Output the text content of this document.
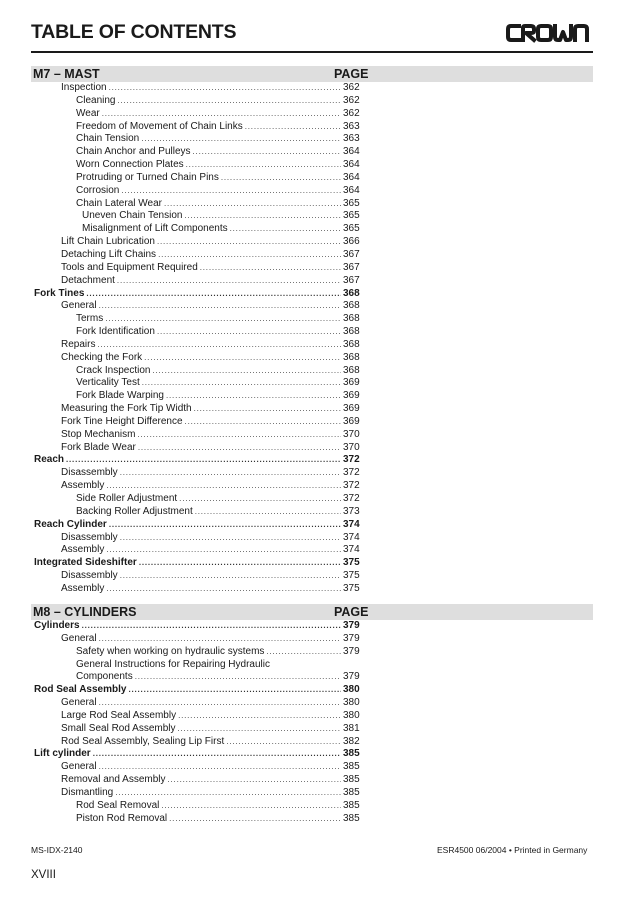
TABLE OF CONTENTS
M7 – MAST	PAGE
Inspection .....	362
Cleaning .....	362
Wear .....	362
Freedom of Movement of Chain Links .....	363
Chain Tension .....	363
Chain Anchor and Pulleys .....	364
Worn Connection Plates .....	364
Protruding or Turned Chain Pins .....	364
Corrosion .....	364
Chain Lateral Wear .....	365
Uneven Chain Tension .....	365
Misalignment of Lift Components .....	365
Lift Chain Lubrication .....	366
Detaching Lift Chains .....	367
Tools and Equipment Required .....	367
Detachment .....	367
Fork Tines .....	368
General .....	368
Terms .....	368
Fork Identification .....	368
Repairs .....	368
Checking the Fork .....	368
Crack Inspection .....	368
Verticality Test .....	369
Fork Blade Warping .....	369
Measuring the Fork Tip Width .....	369
Fork Tine Height Difference .....	369
Stop Mechanism .....	370
Fork Blade Wear .....	370
Reach .....	372
Disassembly .....	372
Assembly .....	372
Side Roller Adjustment .....	372
Backing Roller Adjustment .....	373
Reach Cylinder .....	374
Disassembly .....	374
Assembly .....	374
Integrated Sideshifter .....	375
Disassembly .....	375
Assembly .....	375
M8 – CYLINDERS	PAGE
Cylinders .....	379
General .....	379
Safety when working on hydraulic systems .....	379
General Instructions for Repairing Hydraulic
Components .....	379
Rod Seal Assembly .....	380
General .....	380
Large Rod Seal Assembly .....	380
Small Seal Rod Assembly .....	381
Rod Seal Assembly, Sealing Lip First .....	382
Lift cylinder .....	385
General .....	385
Removal and Assembly .....	385
Dismantling .....	385
Rod Seal Removal .....	385
Piston Rod Removal .....	385
MS-IDX-2140	ESR4500 06/2004 • Printed in Germany
XVIII
